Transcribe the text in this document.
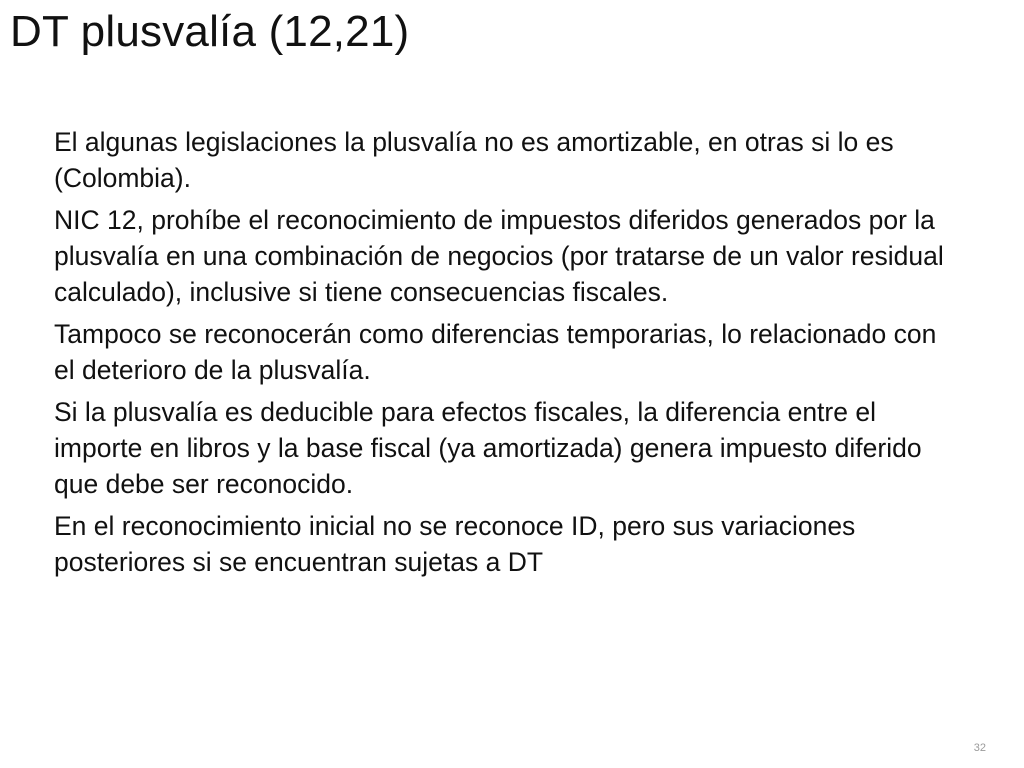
DT plusvalía (12,21)
El algunas legislaciones la plusvalía no es amortizable, en otras si lo es (Colombia).
NIC 12, prohíbe el reconocimiento de impuestos diferidos generados por la plusvalía en una combinación de negocios (por tratarse de un valor residual calculado), inclusive si tiene consecuencias fiscales.
Tampoco se reconocerán como diferencias temporarias, lo relacionado con el deterioro de la plusvalía.
Si la plusvalía es deducible para efectos fiscales, la diferencia entre el importe en libros y la base fiscal (ya amortizada) genera impuesto diferido que debe ser reconocido.
En el reconocimiento inicial no se reconoce ID, pero sus variaciones posteriores si se encuentran sujetas a DT
32
